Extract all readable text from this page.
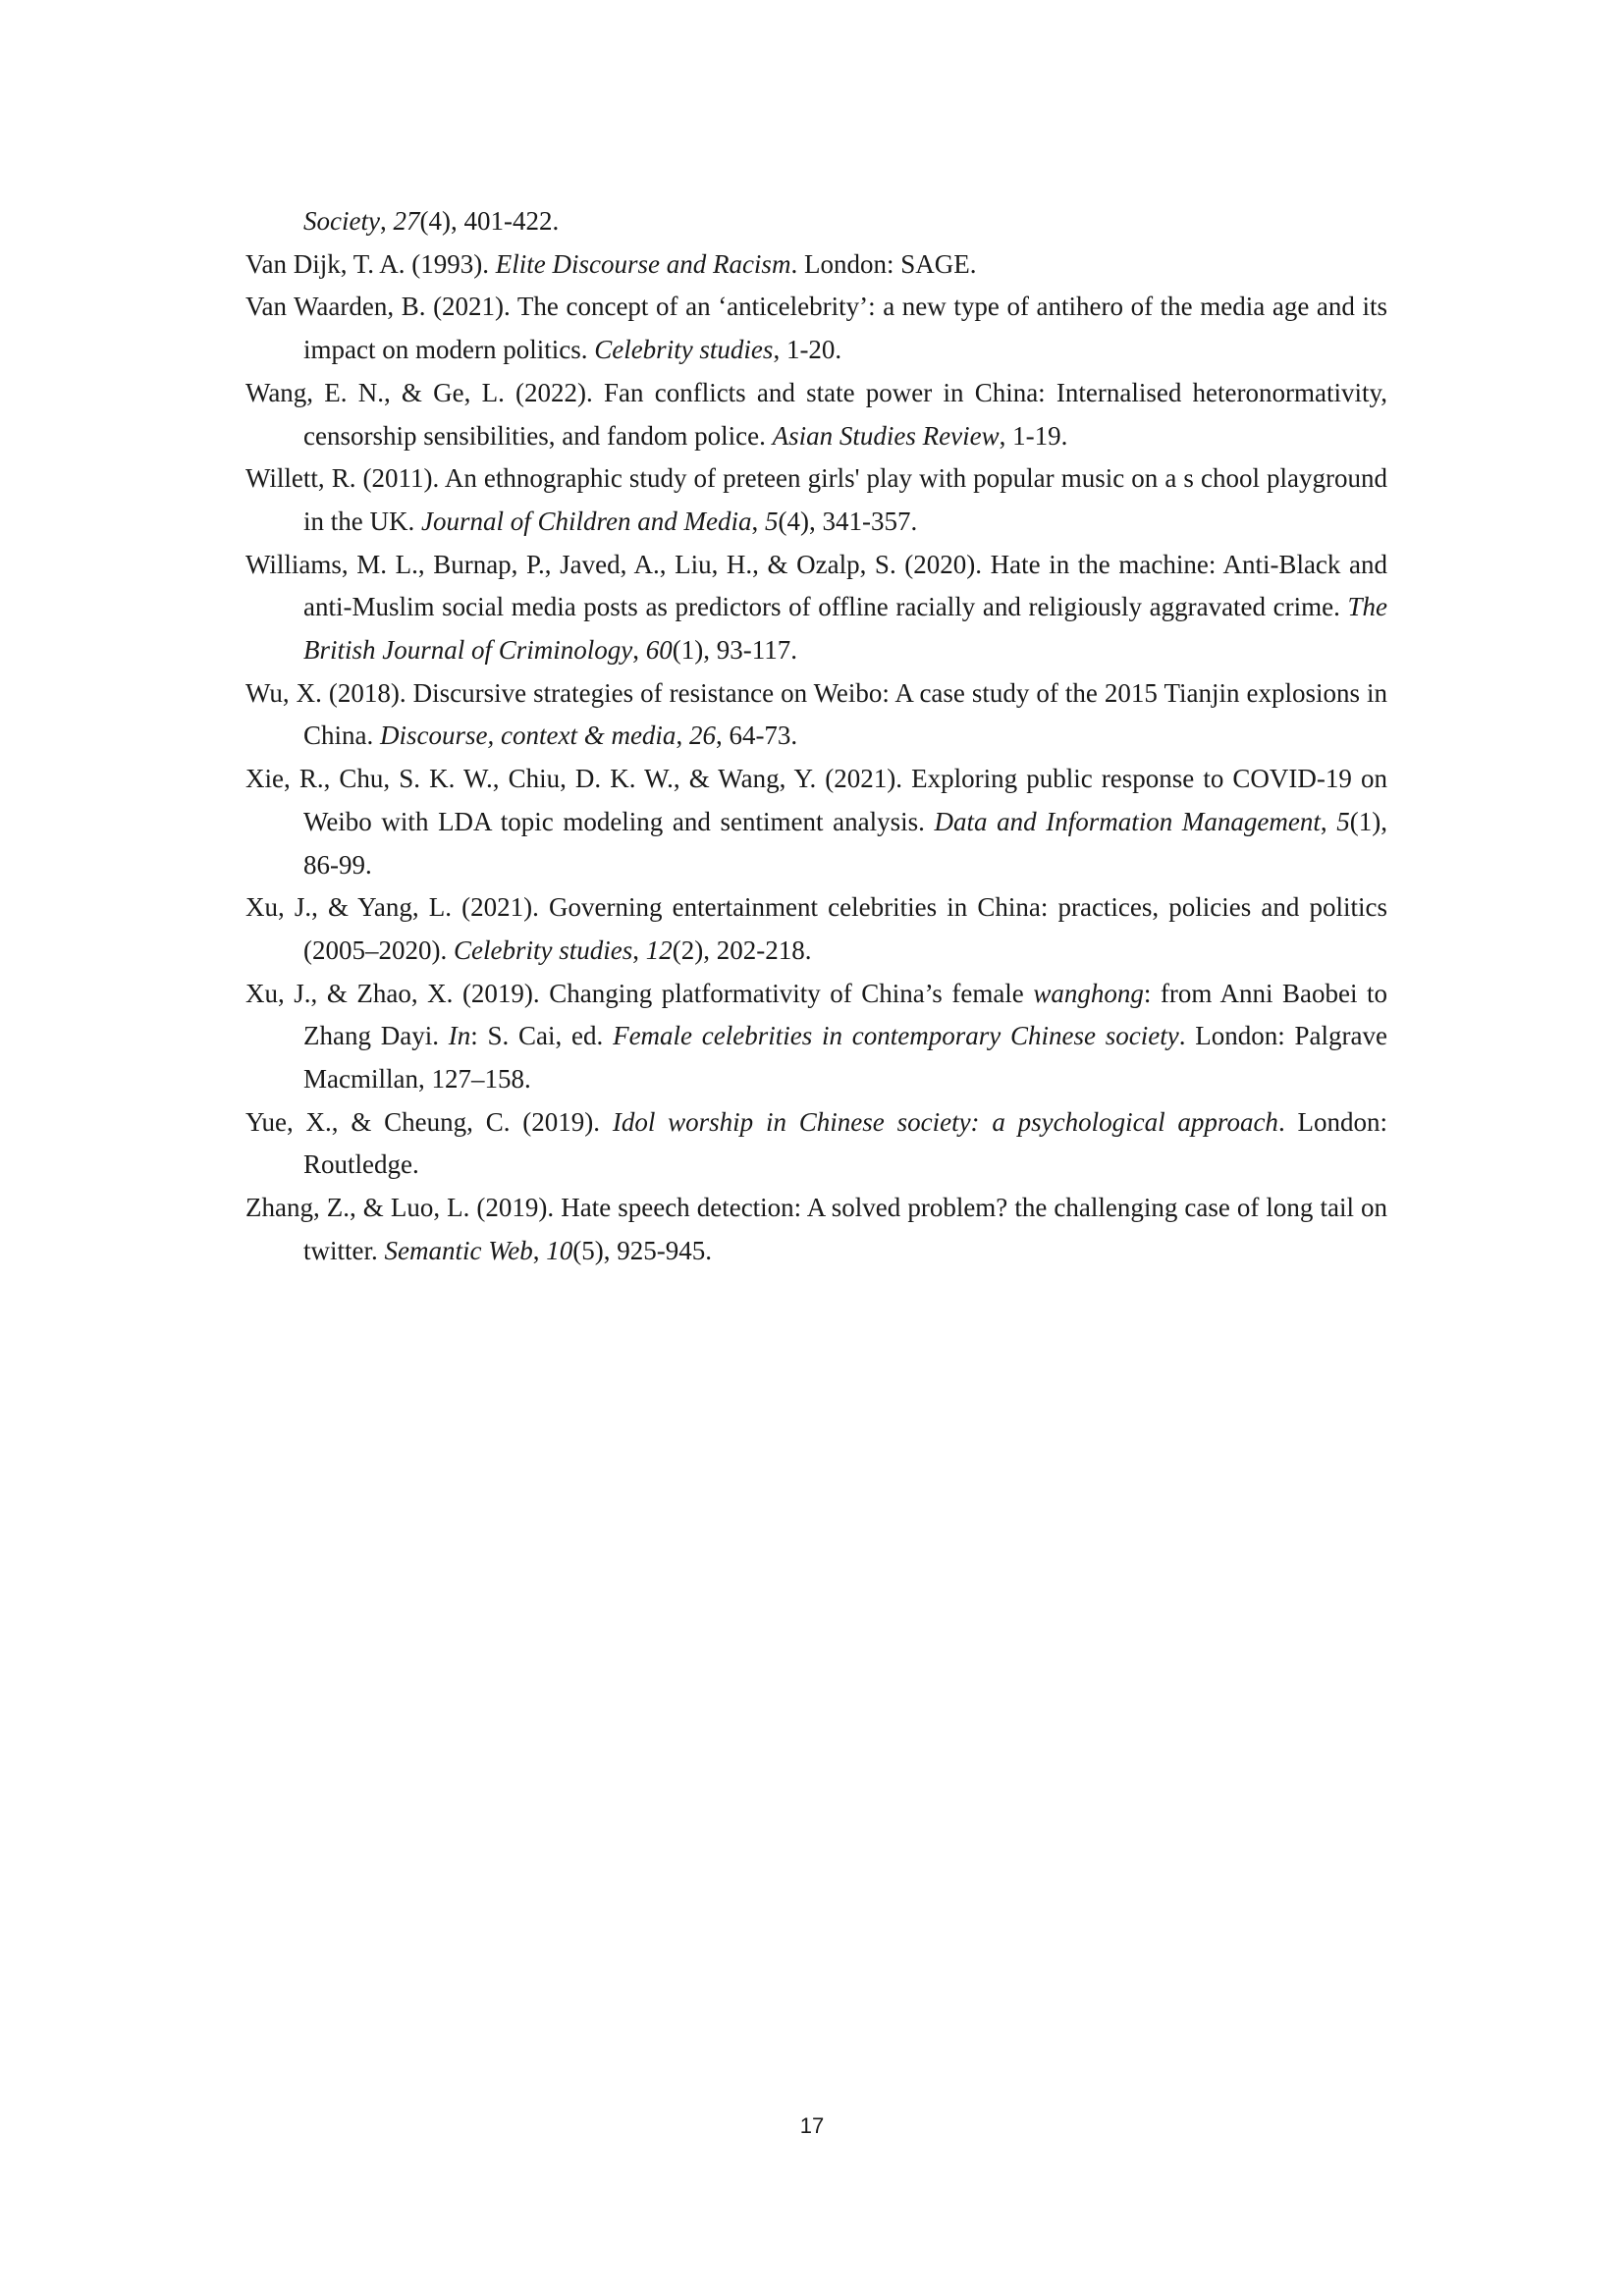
Society, 27(4), 401-422.

Van Dijk, T. A. (1993). Elite Discourse and Racism. London: SAGE.

Van Waarden, B. (2021). The concept of an ‘anticelebrity’: a new type of antihero of the media age and its impact on modern politics. Celebrity studies, 1-20.

Wang, E. N., & Ge, L. (2022). Fan conflicts and state power in China: Internalised heteronormativity, censorship sensibilities, and fandom police. Asian Studies Review, 1-19.

Willett, R. (2011). An ethnographic study of preteen girls' play with popular music on a s chool playground in the UK. Journal of Children and Media, 5(4), 341-357.

Williams, M. L., Burnap, P., Javed, A., Liu, H., & Ozalp, S. (2020). Hate in the machine: Anti-Black and anti-Muslim social media posts as predictors of offline racially and religiously aggravated crime. The British Journal of Criminology, 60(1), 93-117.

Wu, X. (2018). Discursive strategies of resistance on Weibo: A case study of the 2015 Tianjin explosions in China. Discourse, context & media, 26, 64-73.

Xie, R., Chu, S. K. W., Chiu, D. K. W., & Wang, Y. (2021). Exploring public response to COVID-19 on Weibo with LDA topic modeling and sentiment analysis. Data and Information Management, 5(1), 86-99.

Xu, J., & Yang, L. (2021). Governing entertainment celebrities in China: practices, policies and politics (2005–2020). Celebrity studies, 12(2), 202-218.

Xu, J., & Zhao, X. (2019). Changing platformativity of China’s female wanghong: from Anni Baobei to Zhang Dayi. In: S. Cai, ed. Female celebrities in contemporary Chinese society. London: Palgrave Macmillan, 127–158.

Yue, X., & Cheung, C. (2019). Idol worship in Chinese society: a psychological approach. London: Routledge.

Zhang, Z., & Luo, L. (2019). Hate speech detection: A solved problem? the challenging case of long tail on twitter. Semantic Web, 10(5), 925-945.

17
